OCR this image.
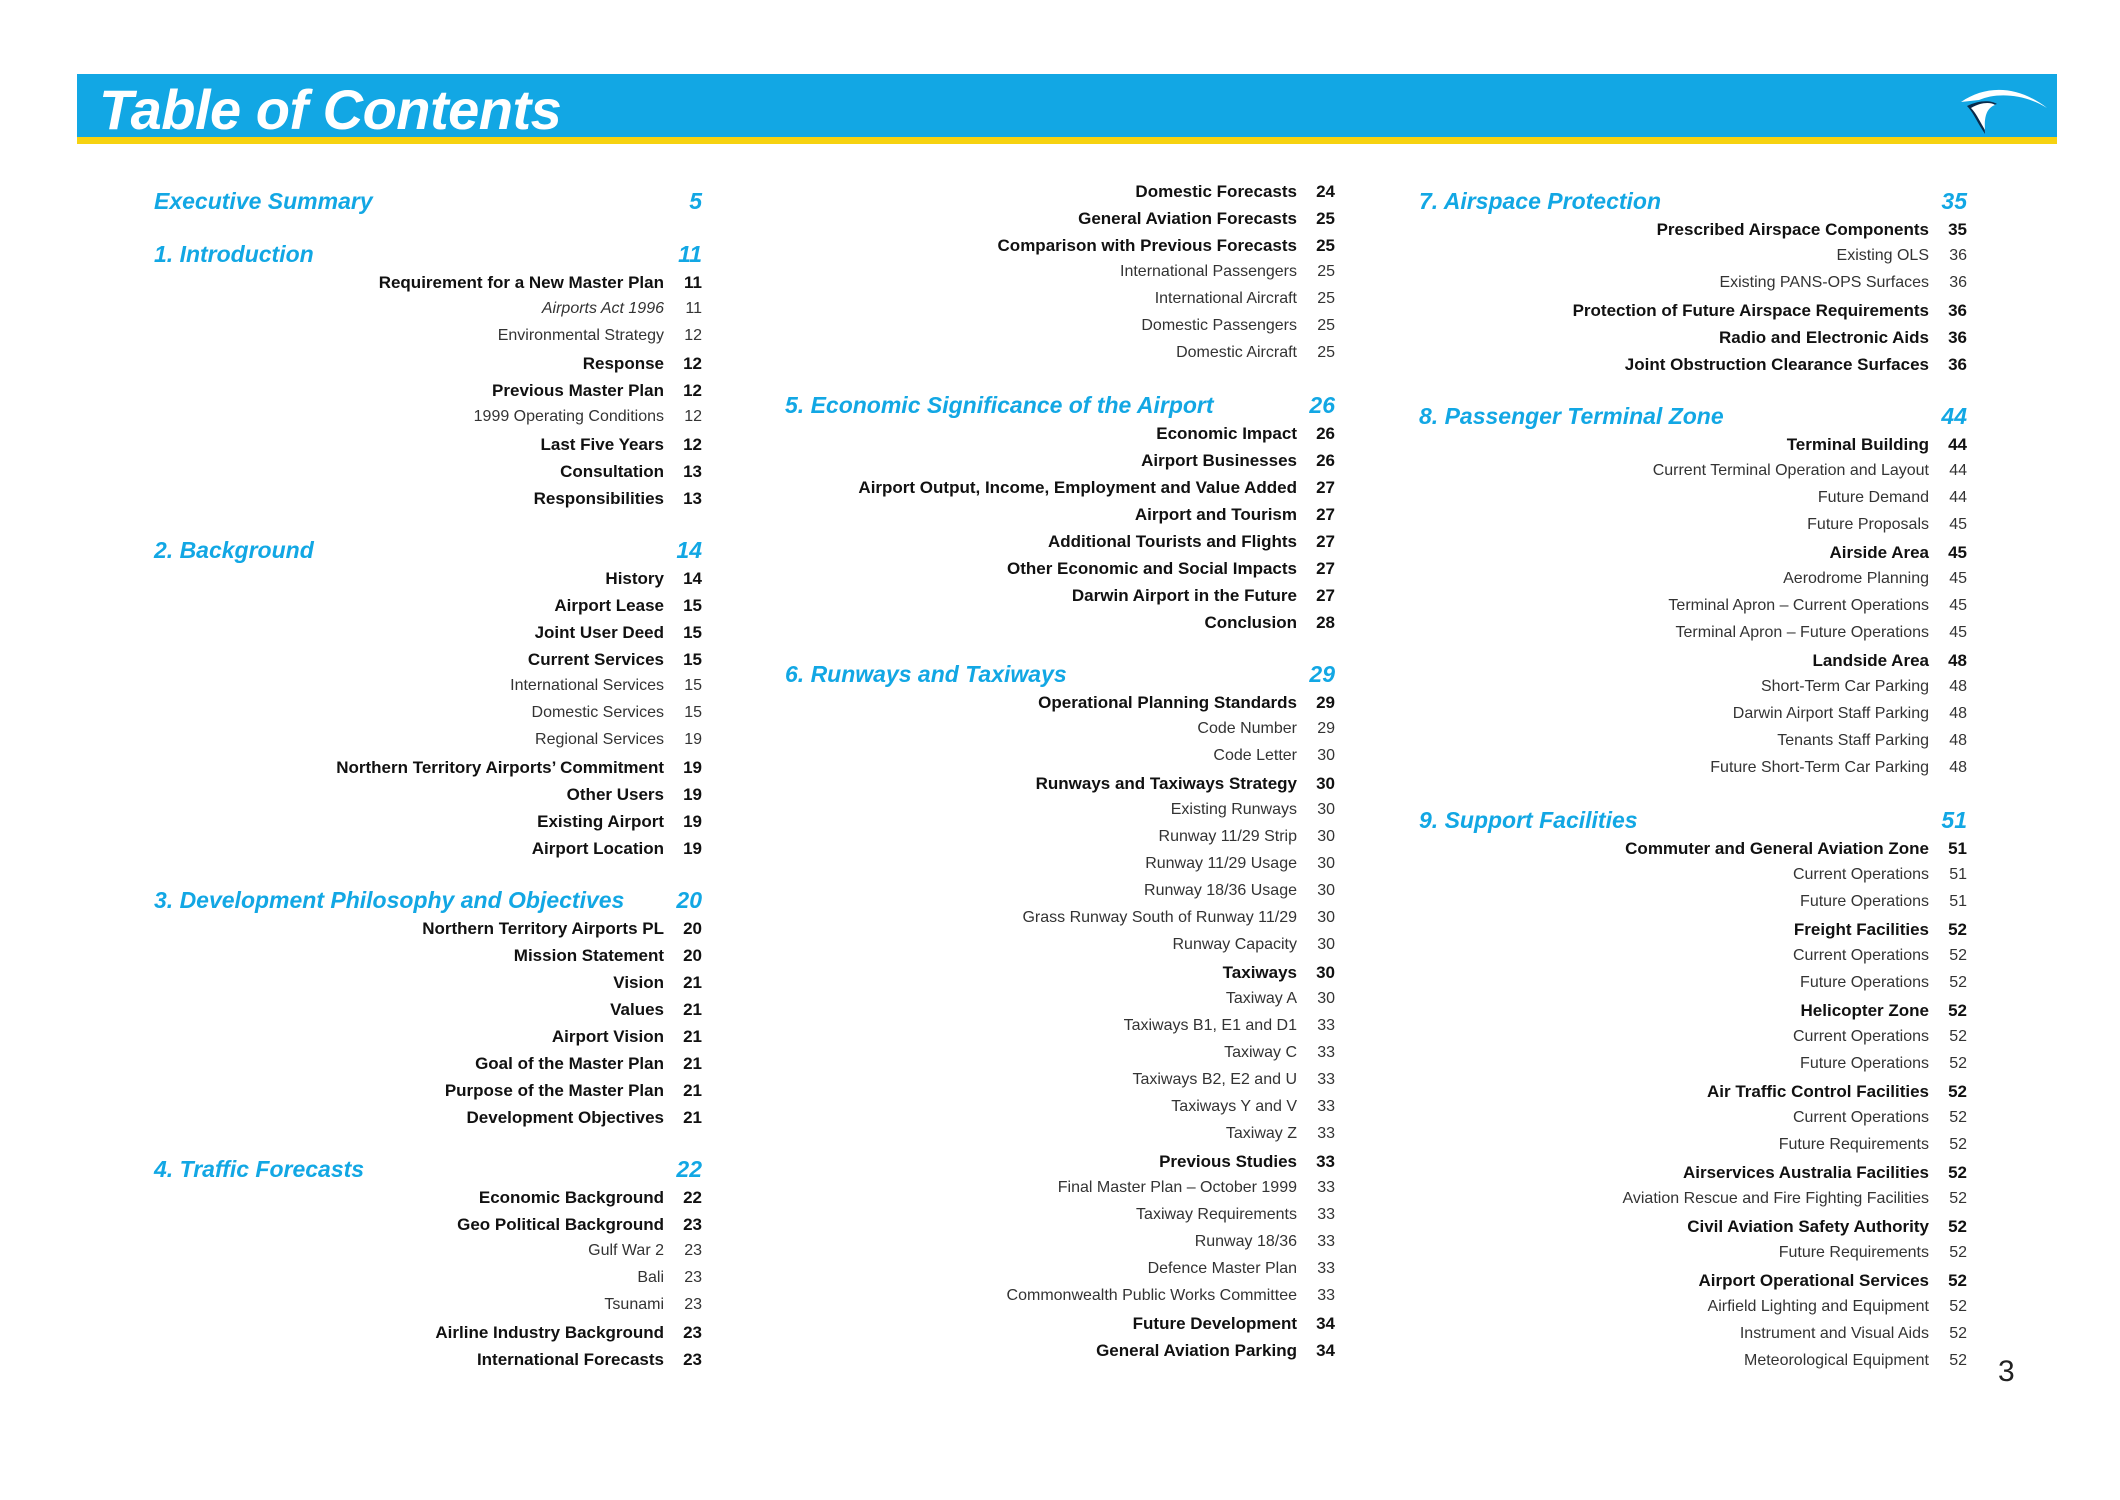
Table of Contents
Executive Summary	5
1. Introduction	11
Requirement for a New Master Plan	11
Airports Act 1996	11
Environmental Strategy	12
Response	12
Previous Master Plan	12
1999 Operating Conditions	12
Last Five Years	12
Consultation	13
Responsibilities	13
2. Background	14
History	14
Airport Lease	15
Joint User Deed	15
Current Services	15
International Services	15
Domestic Services	15
Regional Services	19
Northern Territory Airports’ Commitment	19
Other Users	19
Existing Airport	19
Airport Location	19
3. Development Philosophy and Objectives	20
Northern Territory Airports PL	20
Mission Statement	20
Vision	21
Values	21
Airport Vision	21
Goal of the Master Plan	21
Purpose of the Master Plan	21
Development Objectives	21
4. Traffic Forecasts	22
Economic Background	22
Geo Political Background	23
Gulf War 2	23
Bali	23
Tsunami	23
Airline Industry Background	23
International Forecasts	23
Domestic Forecasts	24
General Aviation Forecasts	25
Comparison with Previous Forecasts	25
International Passengers	25
International Aircraft	25
Domestic Passengers	25
Domestic Aircraft	25
5. Economic Significance of the Airport	26
Economic Impact	26
Airport Businesses	26
Airport Output, Income, Employment and Value Added	27
Airport and Tourism	27
Additional Tourists and Flights	27
Other Economic and Social Impacts	27
Darwin Airport in the Future	27
Conclusion	28
6. Runways and Taxiways	29
Operational Planning Standards	29
Code Number	29
Code Letter	30
Runways and Taxiways Strategy	30
Existing Runways	30
Runway 11/29 Strip	30
Runway 11/29 Usage	30
Runway 18/36 Usage	30
Grass Runway South of Runway 11/29	30
Runway Capacity	30
Taxiways	30
Taxiway A	30
Taxiways B1, E1 and D1	33
Taxiway C	33
Taxiways B2, E2 and U	33
Taxiways Y and V	33
Taxiway Z	33
Previous Studies	33
Final Master Plan – October 1999	33
Taxiway Requirements	33
Runway 18/36	33
Defence Master Plan	33
Commonwealth Public Works Committee	33
Future Development	34
General Aviation Parking	34
7. Airspace Protection	35
Prescribed Airspace Components	35
Existing OLS	36
Existing PANS-OPS Surfaces	36
Protection of Future Airspace Requirements	36
Radio and Electronic Aids	36
Joint Obstruction Clearance Surfaces	36
8. Passenger Terminal Zone	44
Terminal Building	44
Current Terminal Operation and Layout	44
Future Demand	44
Future Proposals	45
Airside Area	45
Aerodrome Planning	45
Terminal Apron – Current Operations	45
Terminal Apron – Future Operations	45
Landside Area	48
Short-Term Car Parking	48
Darwin Airport Staff Parking	48
Tenants Staff Parking	48
Future Short-Term Car Parking	48
9. Support Facilities	51
Commuter and General Aviation Zone	51
Current Operations	51
Future Operations	51
Freight Facilities	52
Current Operations	52
Future Operations	52
Helicopter Zone	52
Current Operations	52
Future Operations	52
Air Traffic Control Facilities	52
Current Operations	52
Future Requirements	52
Airservices Australia Facilities	52
Aviation Rescue and Fire Fighting Facilities	52
Civil Aviation Safety Authority	52
Future Requirements	52
Airport Operational Services	52
Airfield Lighting and Equipment	52
Instrument and Visual Aids	52
Meteorological Equipment	52 3
